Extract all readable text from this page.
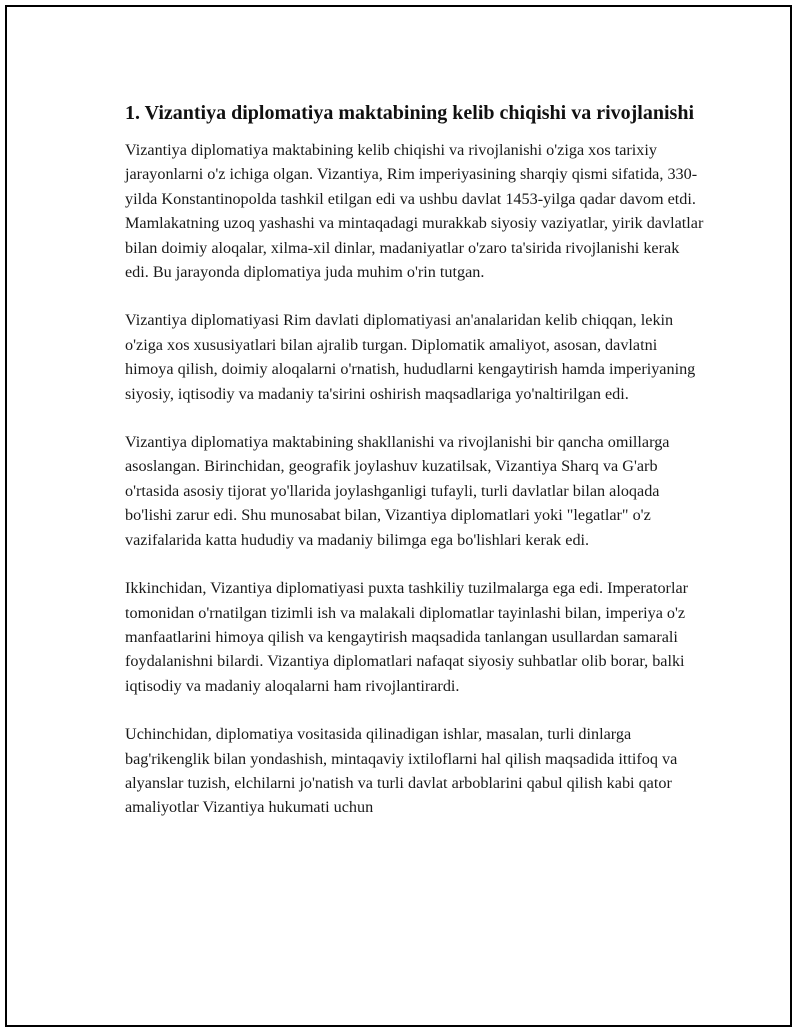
1. Vizantiya diplomatiya maktabining kelib chiqishi va rivojlanishi

Vizantiya diplomatiya maktabining kelib chiqishi va rivojlanishi o'ziga xos tarixiy jarayonlarni o'z ichiga olgan. Vizantiya, Rim imperiyasining sharqiy qismi sifatida, 330-yilda Konstantinopolda tashkil etilgan edi va ushbu davlat 1453-yilga qadar davom etdi. Mamlakatning uzoq yashashi va mintaqadagi murakkab siyosiy vaziyatlar, yirik davlatlar bilan doimiy aloqalar, xilma-xil dinlar, madaniyatlar o'zaro ta'sirida rivojlanishi kerak edi. Bu jarayonda diplomatiya juda muhim o'rin tutgan.

Vizantiya diplomatiyasi Rim davlati diplomatiyasi an'analaridan kelib chiqqan, lekin o'ziga xos xususiyatlari bilan ajralib turgan. Diplomatik amaliyot, asosan, davlatni himoya qilish, doimiy aloqalarni o'rnatish, hududlarni kengaytirish hamda imperiyaning siyosiy, iqtisodiy va madaniy ta'sirini oshirish maqsadlariga yo'naltirilgan edi.

Vizantiya diplomatiya maktabining shakllanishi va rivojlanishi bir qancha omillarga asoslangan. Birinchidan, geografik joylashuv kuzatilsak, Vizantiya Sharq va G'arb o'rtasida asosiy tijorat yo'llarida joylashganligi tufayli, turli davlatlar bilan aloqada bo'lishi zarur edi. Shu munosabat bilan, Vizantiya diplomatlari yoki "legatlar" o'z vazifalarida katta hududiy va madaniy bilimga ega bo'lishlari kerak edi.

Ikkinchidan, Vizantiya diplomatiyasi puxta tashkiliy tuzilmalarga ega edi. Imperatorlar tomonidan o'rnatilgan tizimli ish va malakali diplomatlar tayinlashi bilan, imperiya o'z manfaatlarini himoya qilish va kengaytirish maqsadida tanlangan usullardan samarali foydalanishni bilardi. Vizantiya diplomatlari nafaqat siyosiy suhbatlar olib borar, balki iqtisodiy va madaniy aloqalarni ham rivojlantirardi.

Uchinchidan, diplomatiya vositasida qilinadigan ishlar, masalan, turli dinlarga bag'rikenglik bilan yondashish, mintaqaviy ixtiloflarni hal qilish maqsadida ittifoq va alyanslar tuzish, elchilarni jo'natish va turli davlat arboblarini qabul qilish kabi qator amaliyotlar Vizantiya hukumati uchun
